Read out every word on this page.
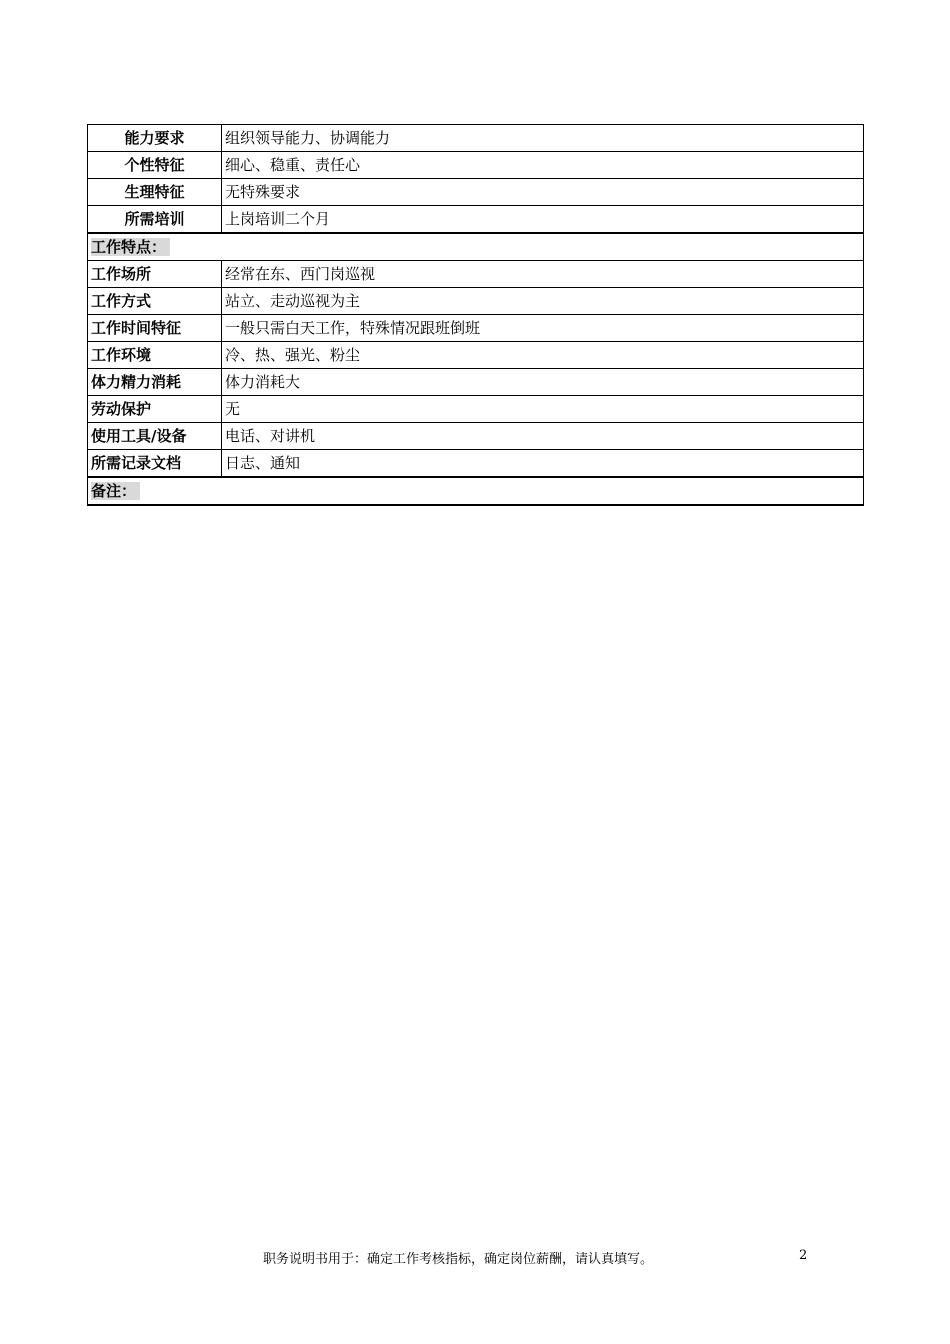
能力要求	组织领导能力、协调能力
个性特征	细心、稳重、责任心
生理特征	无特殊要求
所需培训	上岗培训二个月
工作特点：	
工作场所	经常在东、西门岗巡视
工作方式	站立、走动巡视为主
工作时间特征	一般只需白天工作，特殊情况跟班倒班
工作环境	冷、热、强光、粉尘
体力精力消耗	体力消耗大
劳动保护	无
使用工具/设备	电话、对讲机
所需记录文档	日志、通知
备注：	
职务说明书用于：确定工作考核指标，确定岗位薪酬，请认真填写。	2
